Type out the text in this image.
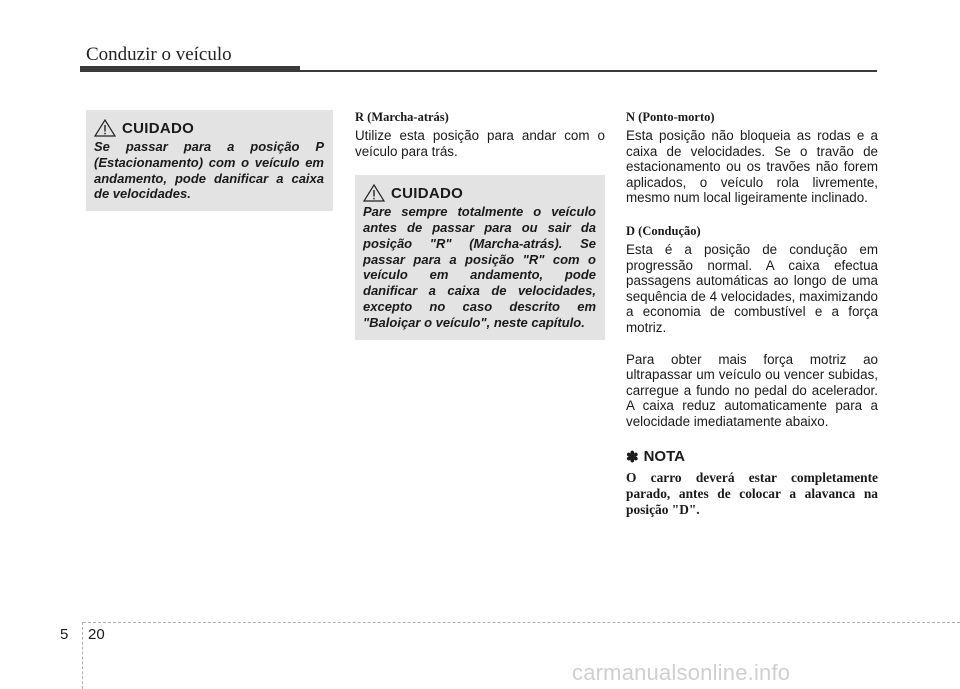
Conduzir o veículo
CUIDADO

Se passar para a posição P (Estacionamento) com o veículo em andamento, pode danificar a caixa de velocidades.

R (Marcha-atrás)

Utilize esta posição para andar com o veículo para trás.

CUIDADO

Pare sempre totalmente o veículo antes de passar para ou sair da posição "R" (Marcha-atrás). Se passar para a posição "R" com o veículo em andamento, pode danificar a caixa de velocidades, excepto no caso descrito em "Baloiçar o veículo", neste capítulo.

N (Ponto-morto)

Esta posição não bloqueia as rodas e a caixa de velocidades. Se o travão de estacionamento ou os travões não forem aplicados, o veículo rola livremente, mesmo num local ligeiramente inclinado.

D (Condução)

Esta é a posição de condução em progressão normal. A caixa efectua passagens automáticas ao longo de uma sequência de 4 velocidades, maximizando a economia de combustível e a força motriz.

Para obter mais força motriz ao ultrapassar um veículo ou vencer subidas, carregue a fundo no pedal do acelerador. A caixa reduz automaticamente para a velocidade imediatamente abaixo.

✽ NOTA

O carro deverá estar completamente parado, antes de colocar a alavanca na posição "D".

5 20
carmanualsonline.info
